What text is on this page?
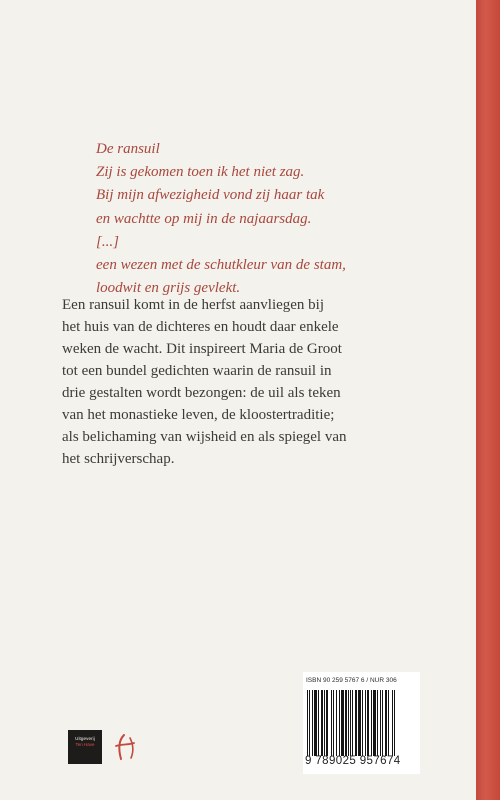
De ransuil
Zij is gekomen toen ik het niet zag.
Bij mijn afwezigheid vond zij haar tak
en wachtte op mij in de najaarsdag.
[...]
een wezen met de schutkleur van de stam,
loodwit en grijs gevlekt.
Een ransuil komt in de herfst aanvliegen bij
het huis van de dichteres en houdt daar enkele
weken de wacht. Dit inspireert Maria de Groot
tot een bundel gedichten waarin de ransuil in
drie gestalten wordt bezongen: de uil als teken
van het monastieke leven, de kloostertraditie;
als belichaming van wijsheid en als spiegel van
het schrijverschap.
Uitgeverij
Ten Have
ISBN 90 259 5767 6 / NUR 306
9 789025 957674
